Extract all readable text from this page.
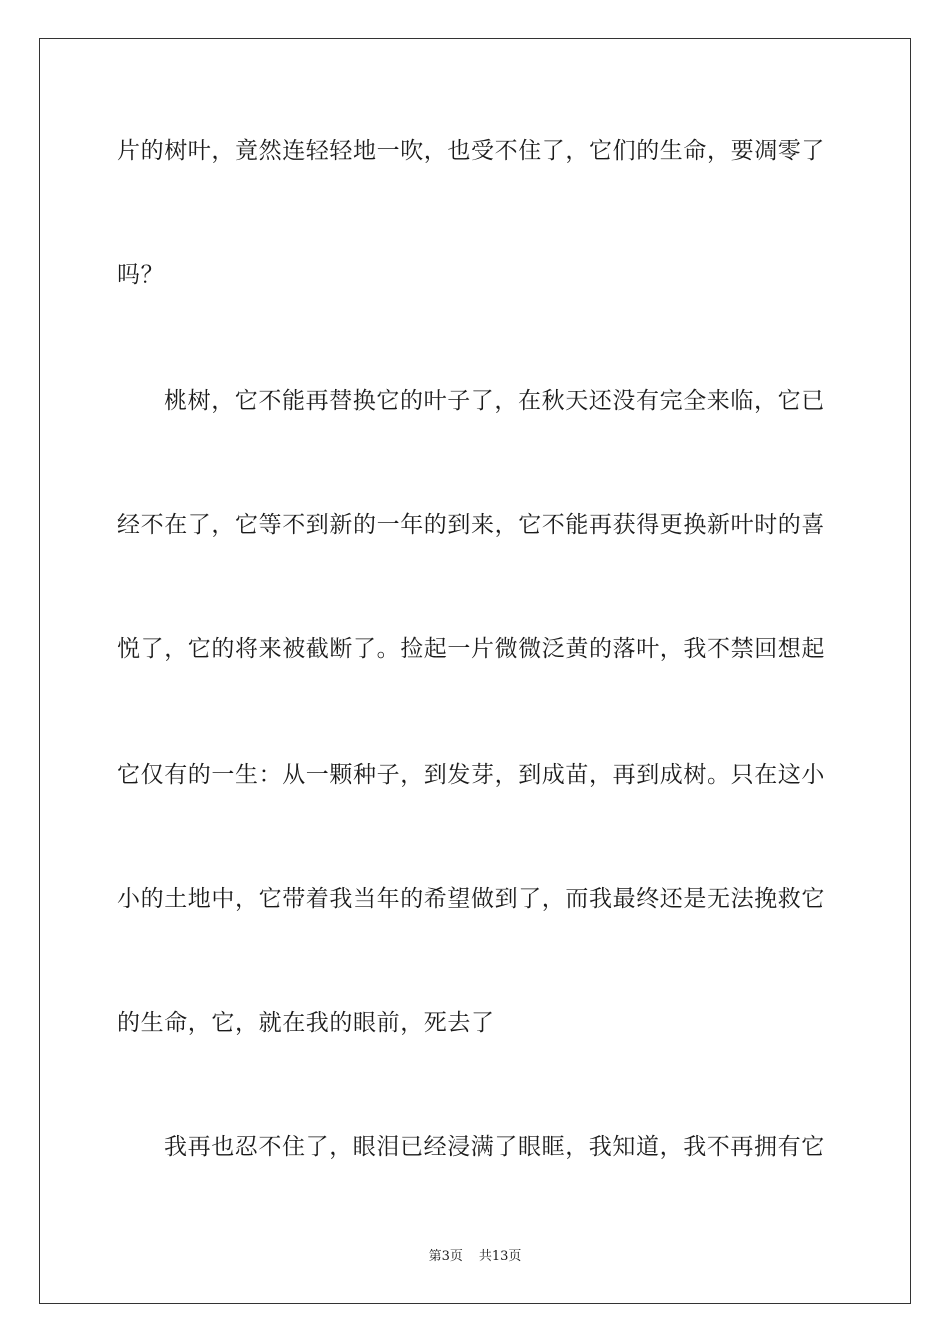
片的树叶，竟然连轻轻地一吹，也受不住了，它们的生命，要凋零了
吗？
桃树，它不能再替换它的叶子了，在秋天还没有完全来临，它已
经不在了，它等不到新的一年的到来，它不能再获得更换新叶时的喜
悦了，它的将来被截断了。捡起一片微微泛黄的落叶，我不禁回想起
它仅有的一生：从一颗种子，到发芽，到成苗，再到成树。只在这小
小的土地中，它带着我当年的希望做到了，而我最终还是无法挽救它
的生命，它，就在我的眼前，死去了
我再也忍不住了，眼泪已经浸满了眼眶，我知道，我不再拥有它
第3页 共13页
